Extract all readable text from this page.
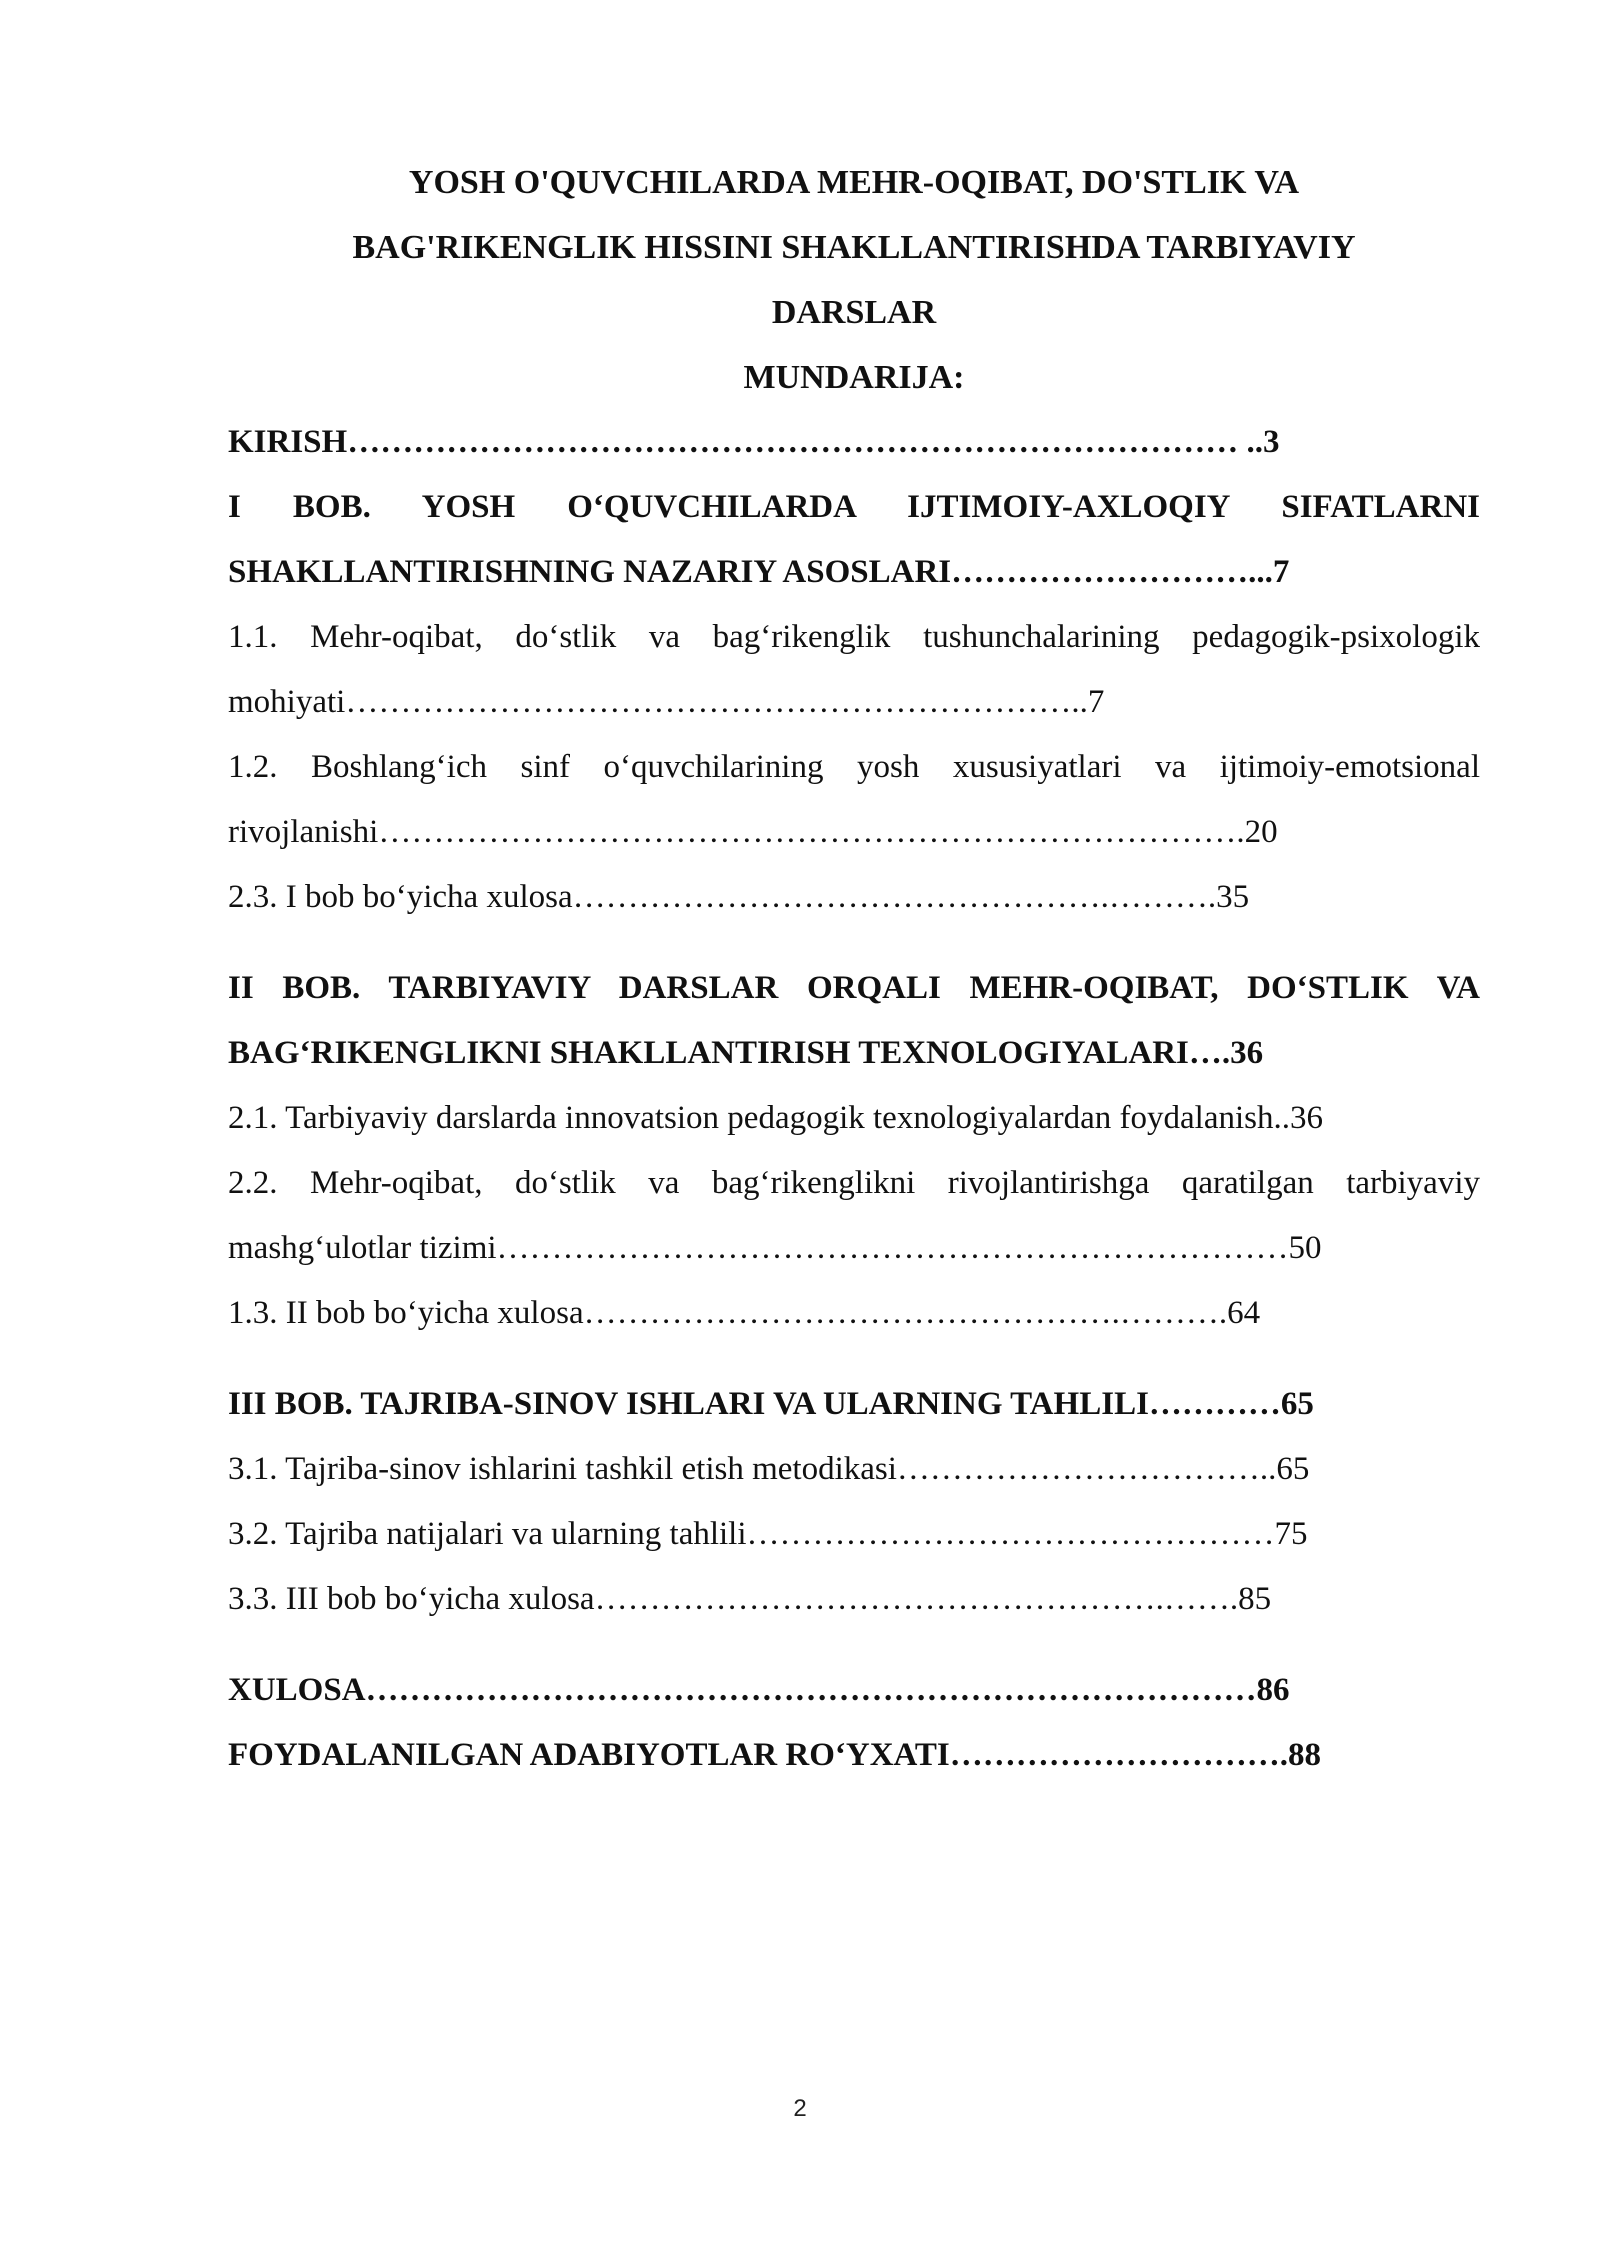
YOSH O'QUVCHILARDA MEHR-OQIBAT, DO'STLIK VA

BAG'RIKENGLIK HISSINI SHAKLLANTIRISHDA TARBIYAVIY

DARSLAR

MUNDARIJA:

KIRISH……………………………………………………………………… ..3

I BOB. YOSH O‘QUVCHILARDA IJTIMOIY-AXLOQIY SIFATLARNI SHAKLLANTIRISHNING NAZARIY ASOSLARI………………………...7

1.1. Mehr-oqibat, do‘stlik va bag‘rikenglik tushunchalarining pedagogik-psixologik mohiyati…………………………………………………………..7

1.2. Boshlang‘ich sinf o‘quvchilarining yosh xususiyatlari va ijtimoiy-emotsional rivojlanishi…………………………………………………………………….20

2.3. I bob bo‘yicha xulosa………………………………………….……….35

II BOB. TARBIYAVIY DARSLAR ORQALI MEHR-OQIBAT, DO‘STLIK VA BAG‘RIKENGLIKNI SHAKLLANTIRISH TEXNOLOGIYALARI….36

2.1. Tarbiyaviy darslarda innovatsion pedagogik texnologiyalardan foydalanish..36

2.2. Mehr-oqibat, do‘stlik va bag‘rikenglikni rivojlantirishga qaratilgan tarbiyaviy mashg‘ulotlar tizimi………………………………………………………………50

1.3. II bob bo‘yicha xulosa………………………………………….……….64

III BOB. TAJRIBA-SINOV ISHLARI VA ULARNING TAHLILI…………65

3.1. Tajriba-sinov ishlarini tashkil etish metodikasi……………………………..65

3.2. Tajriba natijalari va ularning tahlili…………………………………………75

3.3. III bob bo‘yicha xulosa…………………………………………….…….85

XULOSA………………………………………………………………………86

FOYDALANILGAN ADABIYOTLAR RO‘YXATI………………………….88

2
